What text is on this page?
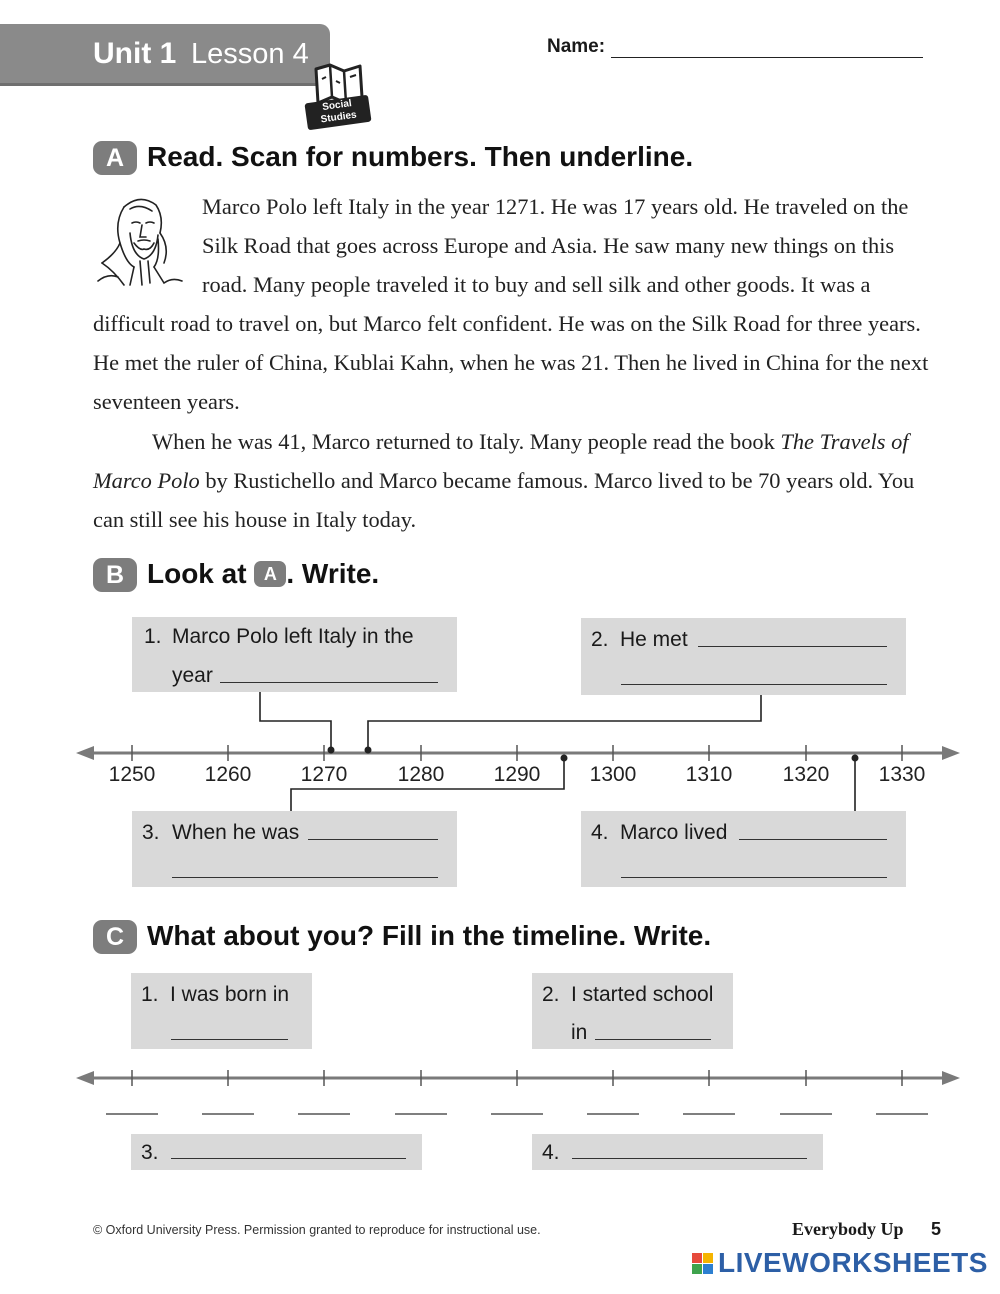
Unit 1 Lesson 4
Social Studies
Name:
A Read. Scan for numbers. Then underline.
Marco Polo left Italy in the year 1271. He was 17 years old. He traveled on the Silk Road that goes across Europe and Asia. He saw many new things on this road. Many people traveled it to buy and sell silk and other goods. It was a difficult road to travel on, but Marco felt confident. He was on the Silk Road for three years. He met the ruler of China, Kublai Kahn, when he was 21. Then he lived in China for the next seventeen years.
When he was 41, Marco returned to Italy. Many people read the book The Travels of Marco Polo by Rustichello and Marco became famous. Marco lived to be 70 years old. You can still see his house in Italy today.
B Look at A . Write.
1. Marco Polo left Italy in the
year
2. He met
3. When he was	4. Marco lived
1250 1260 1270 1280 1290 1300 1310 1320 1330
C What about you? Fill in the timeline. Write.
1. I was born in	2. I started school
in
3.	4.
© Oxford University Press. Permission granted to reproduce for instructional use.	Everybody Up 5
LIVEWORKSHEETS
